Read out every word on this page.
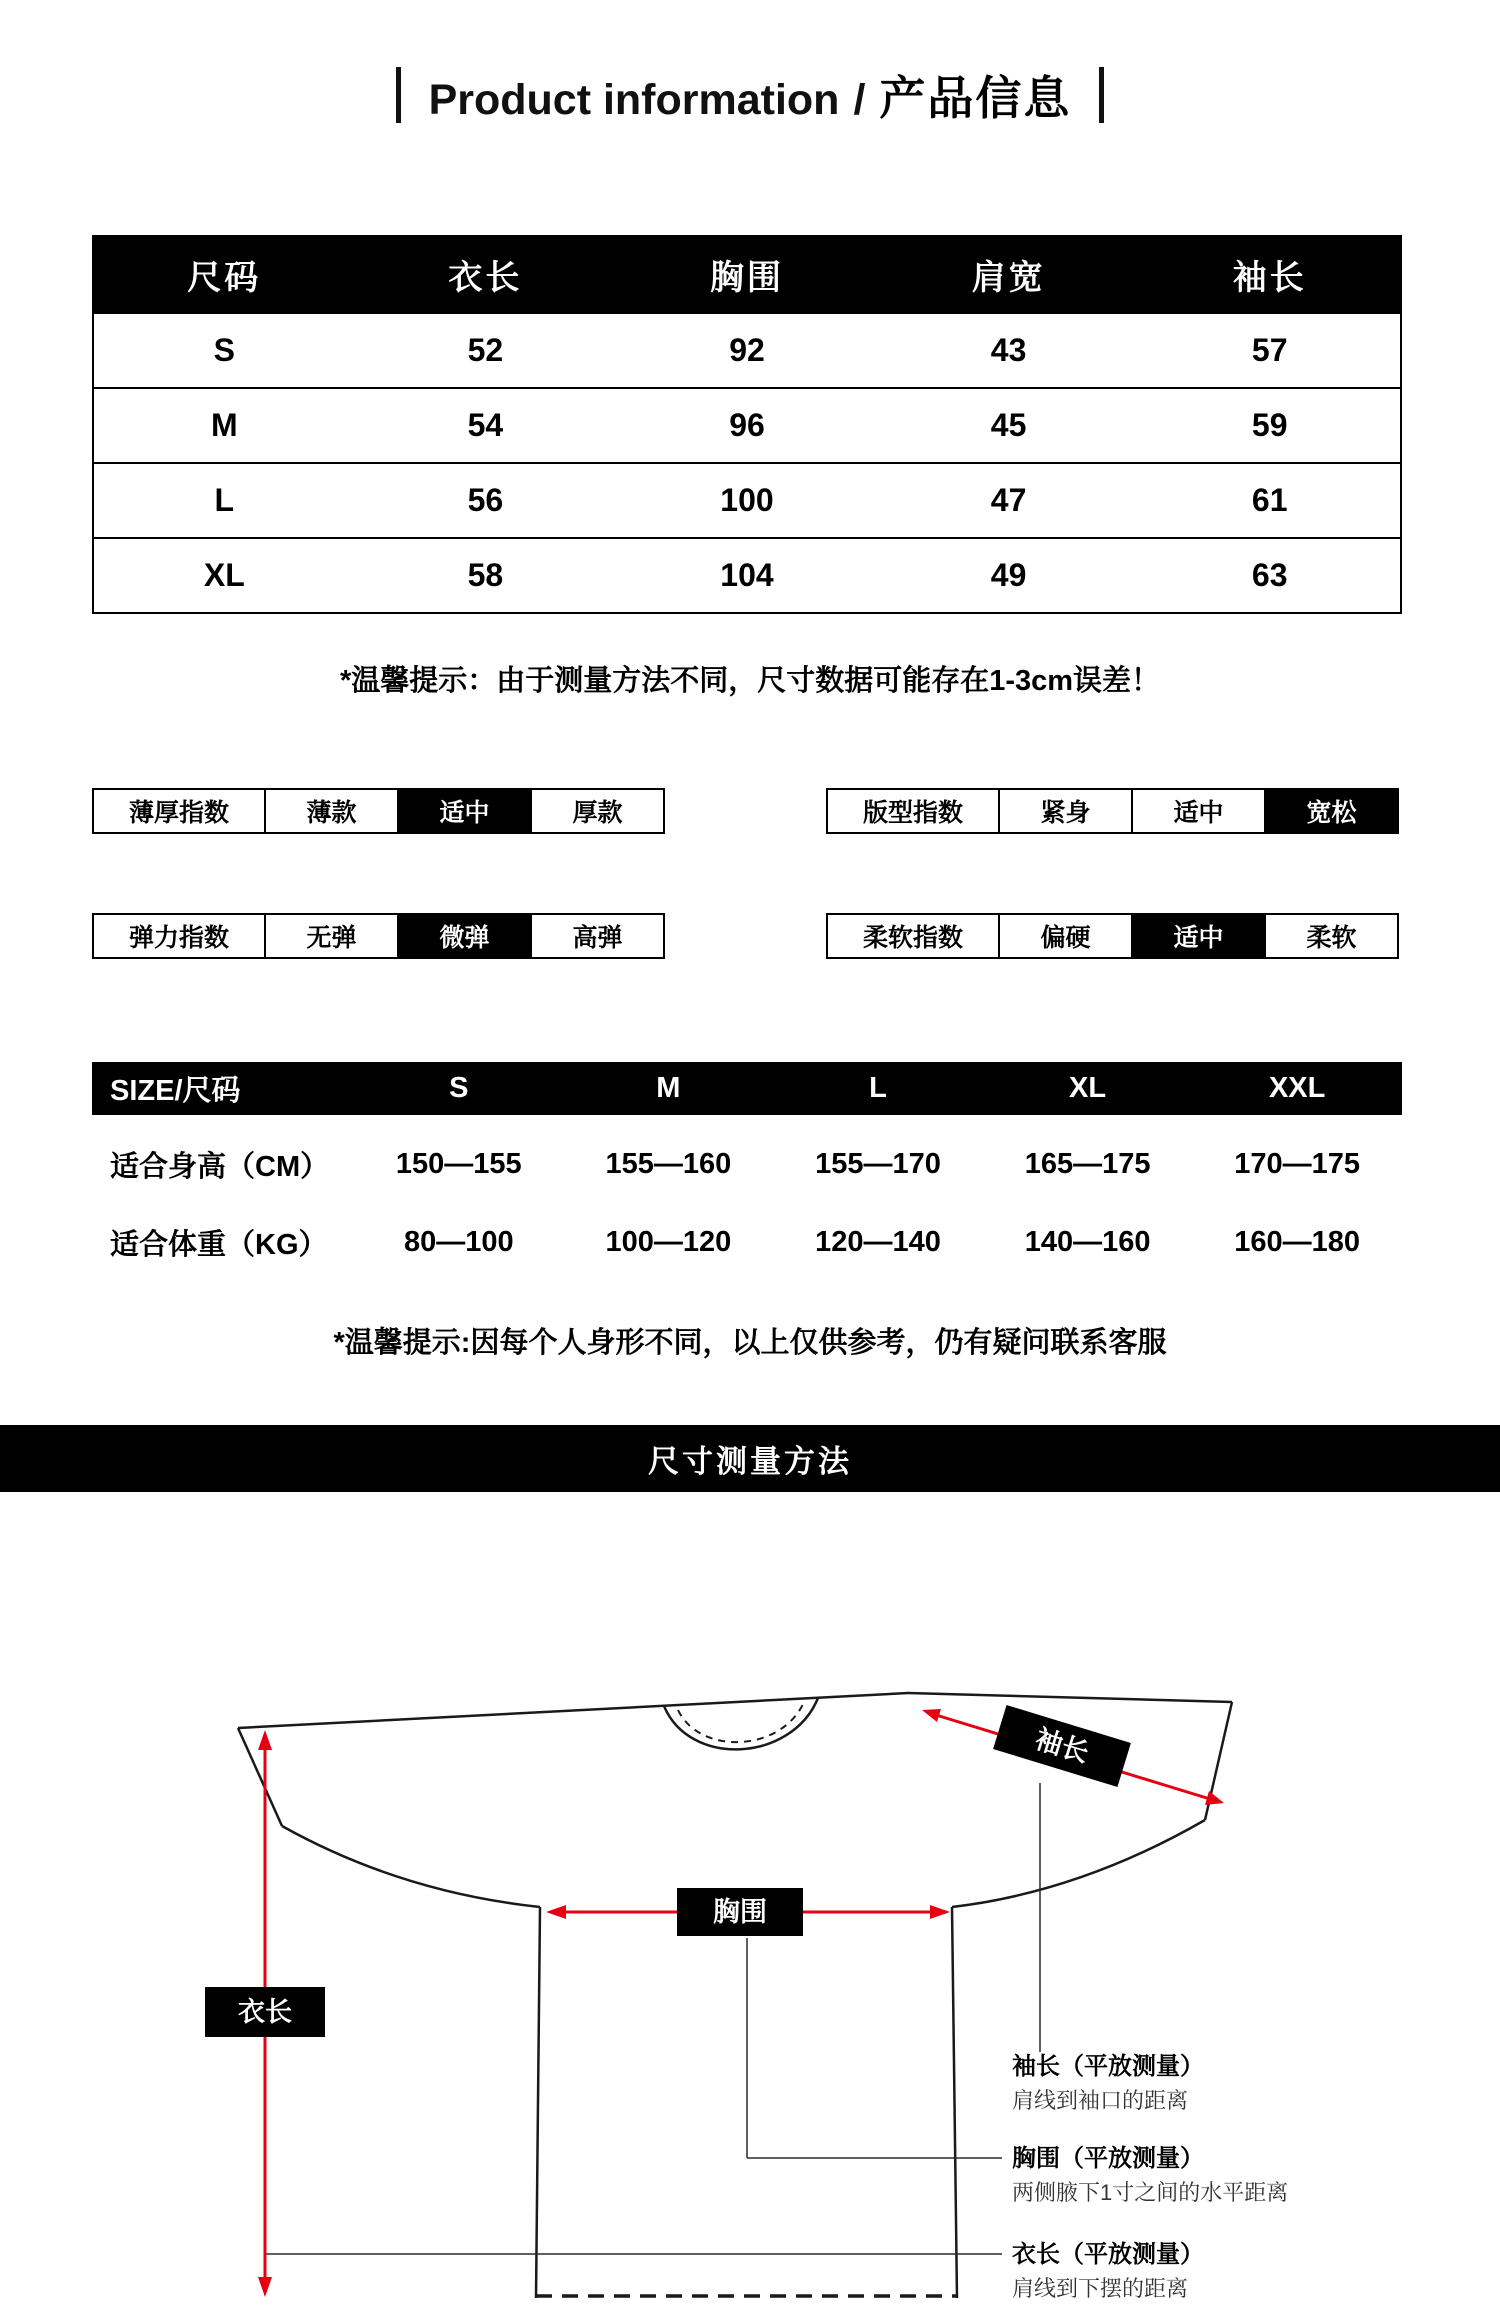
Product information / 产品信息
尺码	衣长	胸围	肩宽	袖长
S	52	92	43	57
M	54	96	45	59
L	56	100	47	61
XL	58	104	49	63
*温馨提示：由于测量方法不同，尺寸数据可能存在1-3cm误差！
薄厚指数	薄款	适中	厚款	版型指数	紧身	适中	宽松
弹力指数	无弹	微弹	高弹	柔软指数	偏硬	适中	柔软
SIZE/尺码	S	M	L	XL	XXL
适合身高（CM）	150—155	155—160	155—170	165—175	170—175
适合体重（KG）	80—100	100—120	120—140	140—160	160—180
*温馨提示:因每个人身形不同，以上仅供参考，仍有疑问联系客服
尺寸测量方法
衣长
胸围
袖长
袖长（平放测量）
肩线到袖口的距离
胸围（平放测量）
两侧腋下1寸之间的水平距离
衣长（平放测量）
肩线到下摆的距离
